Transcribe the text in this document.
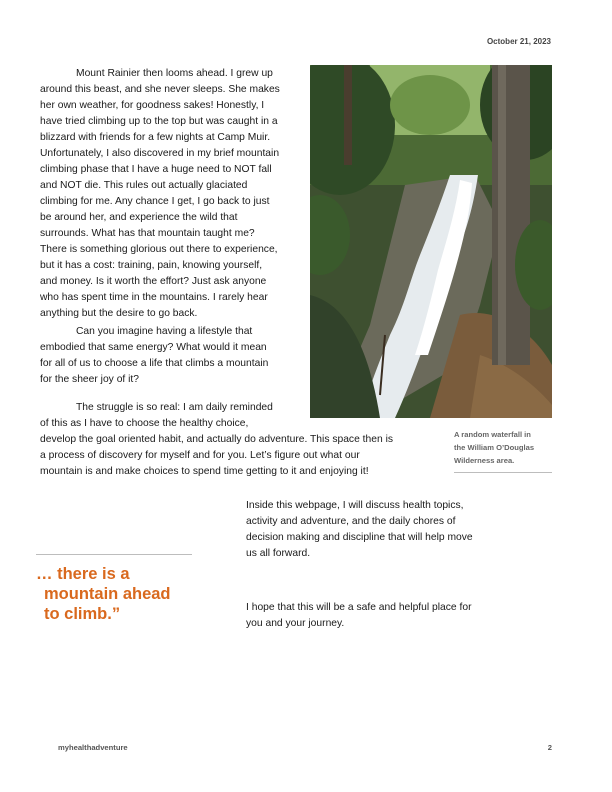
October 21, 2023

Mount Rainier then looms ahead. I grew up

around this beast, and she never sleeps. She makes

her own weather, for goodness sakes! Honestly, I

have tried climbing up to the top but was caught in a

blizzard with friends for a few nights at Camp Muir.

Unfortunately, I also discovered in my brief mountain

climbing phase that I have a huge need to NOT fall

and NOT die. This rules out actually glaciated

climbing for me. Any chance I get, I go back to just

be around her, and experience the wild that

surrounds. What has that mountain taught me?

There is something glorious out there to experience,

but it has a cost: training, pain, knowing yourself,

and money. Is it worth the effort? Just ask anyone

who has spent time in the mountains. I rarely hear

anything but the desire to go back.

Can you imagine having a lifestyle that

embodied that same energy? What would it mean

for all of us to choose a life that climbs a mountain

for the sheer joy of it?

The struggle is so real: I am daily reminded

of this as I have to choose the healthy choice,

develop the goal oriented habit, and actually do adventure. This space then is

a process of discovery for myself and for you. Let’s figure out what our

mountain is and make choices to spend time getting to it and enjoying it!

A random waterfall in
the William O’Douglas
Wilderness area.
Inside this webpage, I will discuss health topics,
activity and adventure, and the daily chores of
decision making and discipline that will help move
us all forward.
I hope that this will be a safe and helpful place for
you and your journey.
… there is a
mountain ahead
to climb.”
myhealthadventure	2
